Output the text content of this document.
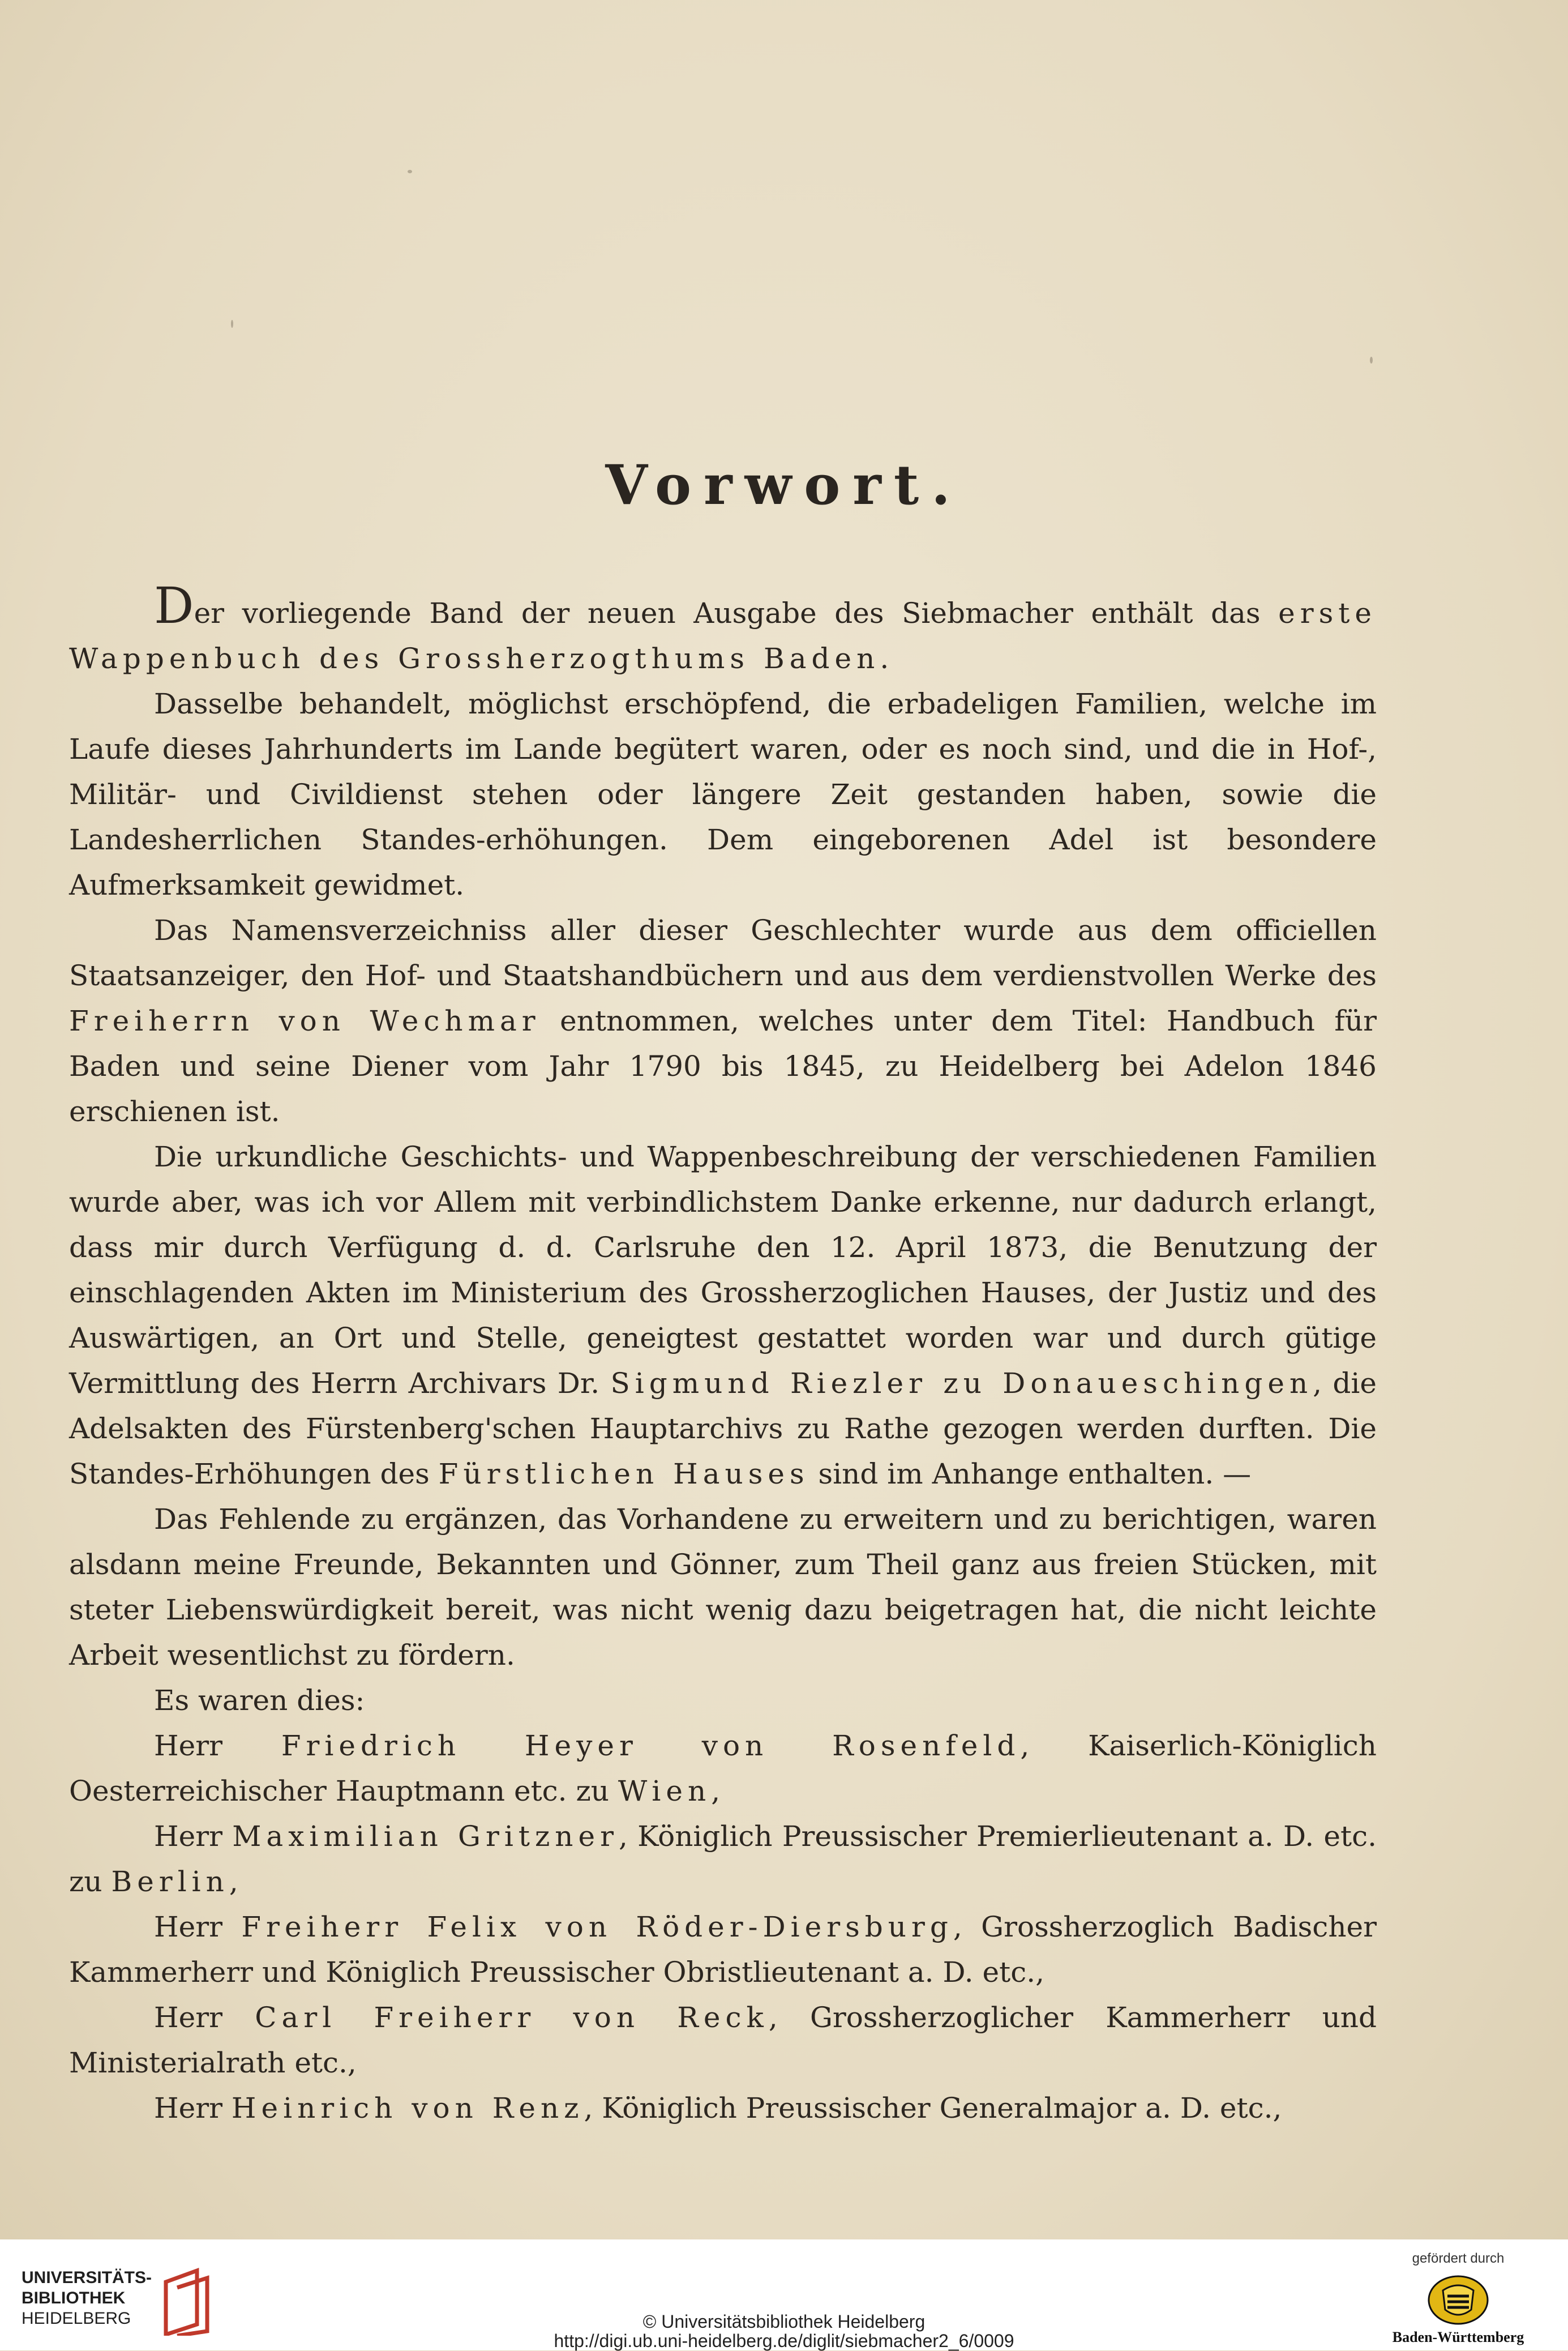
Vorwort.

Der vorliegende Band der neuen Ausgabe des Siebmacher enthält das erste Wappenbuch des Grossherzogthums Baden.

Dasselbe behandelt, möglichst erschöpfend, die erbadeligen Familien, welche im Laufe dieses Jahrhunderts im Lande begütert waren, oder es noch sind, und die in Hof-, Militär- und Civildienst stehen oder längere Zeit gestanden haben, sowie die Landesherrlichen Standes-erhöhungen. Dem eingeborenen Adel ist besondere Aufmerksamkeit gewidmet.

Das Namensverzeichniss aller dieser Geschlechter wurde aus dem officiellen Staatsanzeiger, den Hof- und Staatshandbüchern und aus dem verdienstvollen Werke des Freiherrn von Wechmar entnommen, welches unter dem Titel: Handbuch für Baden und seine Diener vom Jahr 1790 bis 1845, zu Heidelberg bei Adelon 1846 erschienen ist.

Die urkundliche Geschichts- und Wappenbeschreibung der verschiedenen Familien wurde aber, was ich vor Allem mit verbindlichstem Danke erkenne, nur dadurch erlangt, dass mir durch Verfügung d. d. Carlsruhe den 12. April 1873, die Benutzung der einschlagenden Akten im Ministerium des Grossherzoglichen Hauses, der Justiz und des Auswärtigen, an Ort und Stelle, geneigtest gestattet worden war und durch gütige Vermittlung des Herrn Archivars Dr. Sigmund Riezler zu Donaueschingen, die Adelsakten des Fürstenberg'schen Hauptarchivs zu Rathe gezogen werden durften. Die Standes-Erhöhungen des Fürstlichen Hauses sind im Anhange enthalten. —

Das Fehlende zu ergänzen, das Vorhandene zu erweitern und zu berichtigen, waren alsdann meine Freunde, Bekannten und Gönner, zum Theil ganz aus freien Stücken, mit steter Liebenswürdigkeit bereit, was nicht wenig dazu beigetragen hat, die nicht leichte Arbeit wesentlichst zu fördern.

Es waren dies:

Herr Friedrich Heyer von Rosenfeld, Kaiserlich-Königlich Oesterreichischer Hauptmann etc. zu Wien,

Herr Maximilian Gritzner, Königlich Preussischer Premierlieutenant a. D. etc. zu Berlin,

Herr Freiherr Felix von Röder-Diersburg, Grossherzoglich Badischer Kammerherr und Königlich Preussischer Obristlieutenant a. D. etc.,

Herr Carl Freiherr von Reck, Grossherzoglicher Kammerherr und Ministerialrath etc.,

Herr Heinrich von Renz, Königlich Preussischer Generalmajor a. D. etc.,

UNIVERSITÄTS-
BIBLIOTHEK
HEIDELBERG	© Universitätsbibliothek Heidelberg
http://digi.ub.uni-heidelberg.de/diglit/siebmacher2_6/0009
gefördert durch
Baden-Württemberg
